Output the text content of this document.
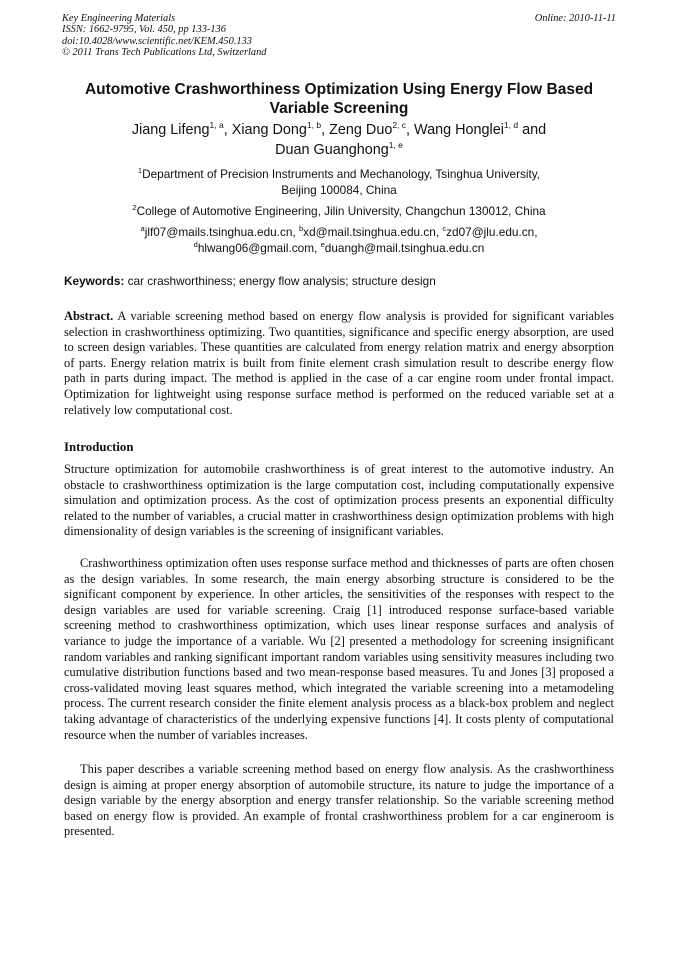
Key Engineering Materials	Online: 2010-11-11
ISSN: 1662-9795, Vol. 450, pp 133-136
doi:10.4028/www.scientific.net/KEM.450.133
© 2011 Trans Tech Publications Ltd, Switzerland
Automotive Crashworthiness Optimization Using Energy Flow Based
Variable Screening
Jiang Lifeng$^{1, a}$, Xiang Dong$^{1, b}$, Zeng Duo$^{2, c}$, Wang Honglei$^{1, d}$ and
Duan Guanghong$^{1, e}$
$^1$Department of Precision Instruments and Mechanology, Tsinghua University,
Beijing 100084, China
$^2$College of Automotive Engineering, Jilin University, Changchun 130012, China
$^a$jlf07@mails.tsinghua.edu.cn, $^b$xd@mail.tsinghua.edu.cn, $^c$zd07@jlu.edu.cn,
$^d$hlwang06@gmail.com, $^e$duangh@mail.tsinghua.edu.cn
Keywords: car crashworthiness; energy flow analysis; structure design
Abstract. A variable screening method based on energy flow analysis is provided for significant variables selection in crashworthiness optimizing. Two quantities, significance and specific energy absorption, are used to screen design variables. These quantities are calculated from energy relation matrix and energy absorption of parts. Energy relation matrix is built from finite element crash simulation result to describe energy flow path in parts during impact. The method is applied in the case of a car engine room under frontal impact. Optimization for lightweight using response surface method is performed on the reduced variable set at a relatively low computational cost.
Introduction
Structure optimization for automobile crashworthiness is of great interest to the automotive industry. An obstacle to crashworthiness optimization is the large computation cost, including computationally expensive simulation and optimization process. As the cost of optimization process presents an exponential difficulty related to the number of variables, a crucial matter in crashworthiness design optimization problems with high dimensionality of design variables is the screening of insignificant variables.
Crashworthiness optimization often uses response surface method and thicknesses of parts are often chosen as the design variables. In some research, the main energy absorbing structure is considered to be the significant component by experience. In other articles, the sensitivities of the responses with respect to the design variables are used for variable screening. Craig [1] introduced response surface-based variable screening method to crashworthiness optimization, which uses linear response surfaces and analysis of variance to judge the importance of a variable. Wu [2] presented a methodology for screening insignificant random variables and ranking significant important random variables using sensitivity measures including two cumulative distribution functions based and two mean-response based measures. Tu and Jones [3] proposed a cross-validated moving least squares method, which integrated the variable screening into a metamodeling process. The current research consider the finite element analysis process as a black-box problem and neglect taking advantage of characteristics of the underlying expensive functions [4]. It costs plenty of computational resource when the number of variables increases.
This paper describes a variable screening method based on energy flow analysis. As the crashworthiness design is aiming at proper energy absorption of automobile structure, its nature to judge the importance of a design variable by the energy absorption and energy transfer relationship. So the variable screening method based on energy flow is provided. An example of frontal crashworthiness problem for a car engineroom is presented.
